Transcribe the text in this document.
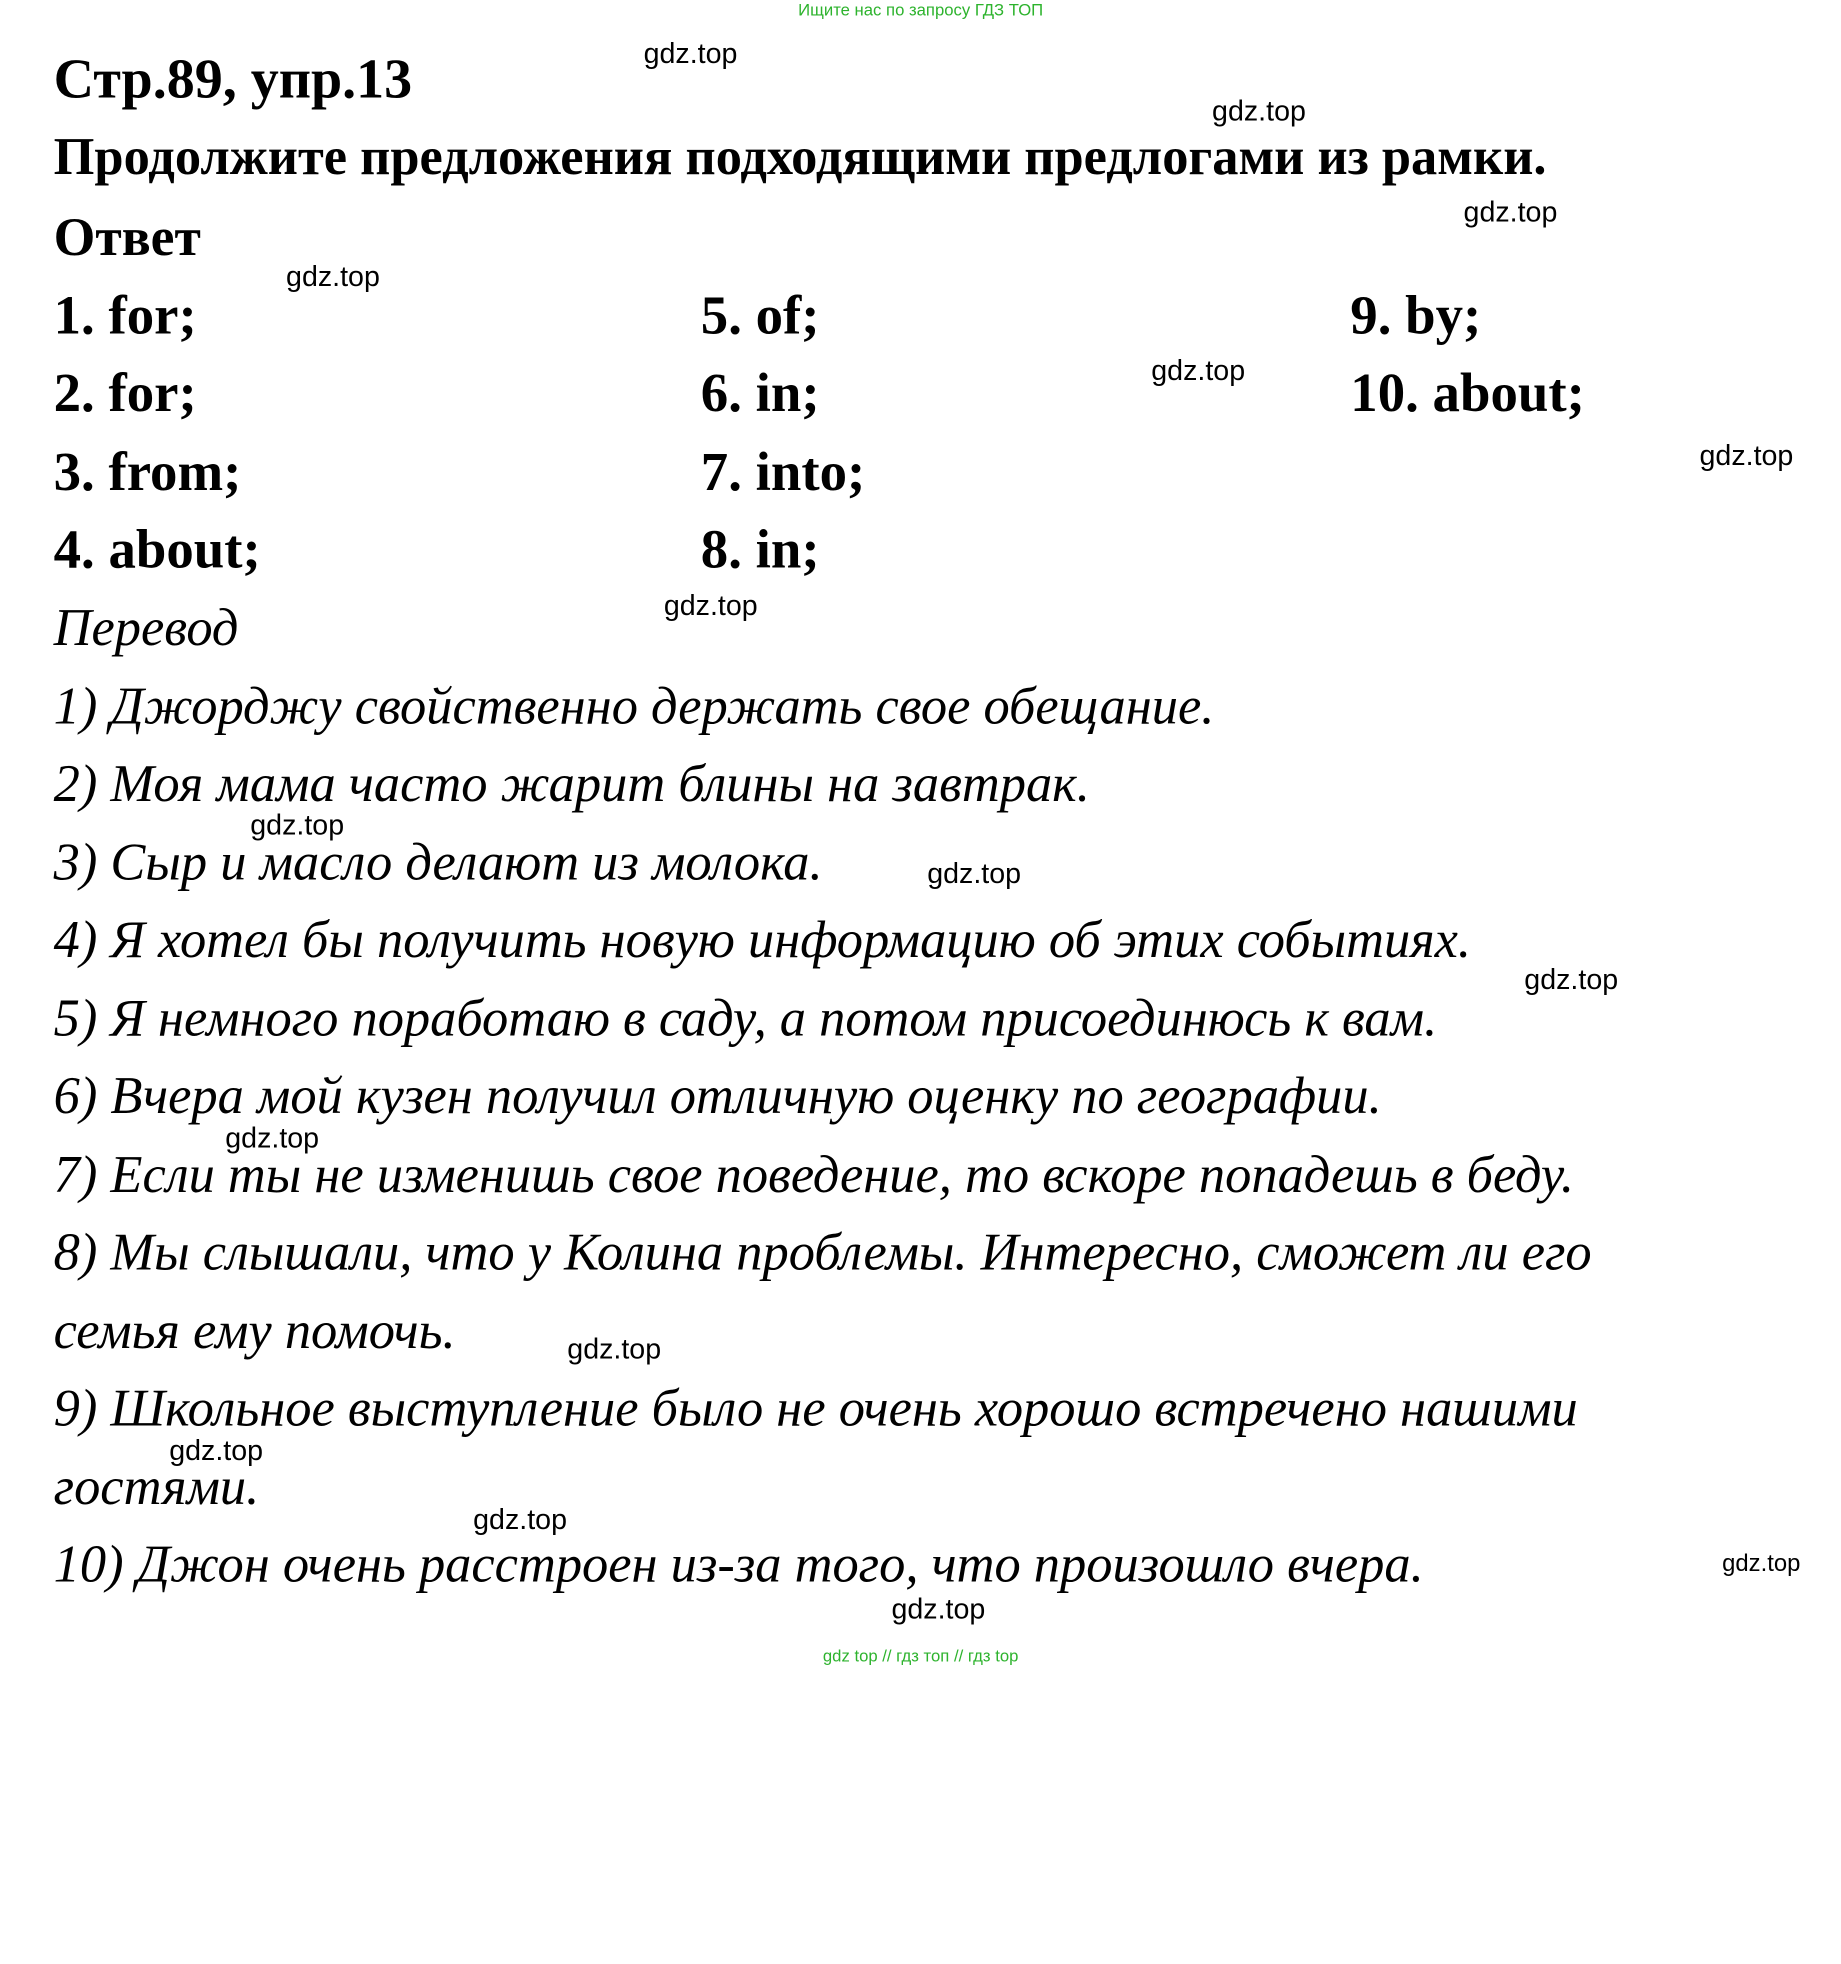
Ищите нас по запросу ГДЗ ТОП
Стр.89, упр.13
Продолжите предложения подходящими предлогами из рамки.
Ответ
1. for;
2. for;
3. from;
4. about;
5. of;
6. in;
7. into;
8. in;
9. by;
10. about;
Перевод
1) Джорджу свойственно держать свое обещание.
2) Моя мама часто жарит блины на завтрак.
3) Сыр и масло делают из молока.
4) Я хотел бы получить новую информацию об этих событиях.
5) Я немного поработаю в саду, а потом присоединюсь к вам.
6) Вчера мой кузен получил отличную оценку по географии.
7) Если ты не изменишь свое поведение, то вскоре попадешь в беду.
8) Мы слышали, что у Колина проблемы. Интересно, сможет ли его
семья ему помочь.
9) Школьное выступление было не очень хорошо встречено нашими
гостями.
10) Джон очень расстроен из-за того, что произошло вчера.
gdz.top
gdz.top
gdz.top
gdz.top
gdz.top
gdz.top
gdz.top
gdz.top
gdz.top
gdz.top
gdz.top
gdz.top
gdz.top
gdz.top
gdz.top
gdz.top
gdz top // гдз топ // гдз top
